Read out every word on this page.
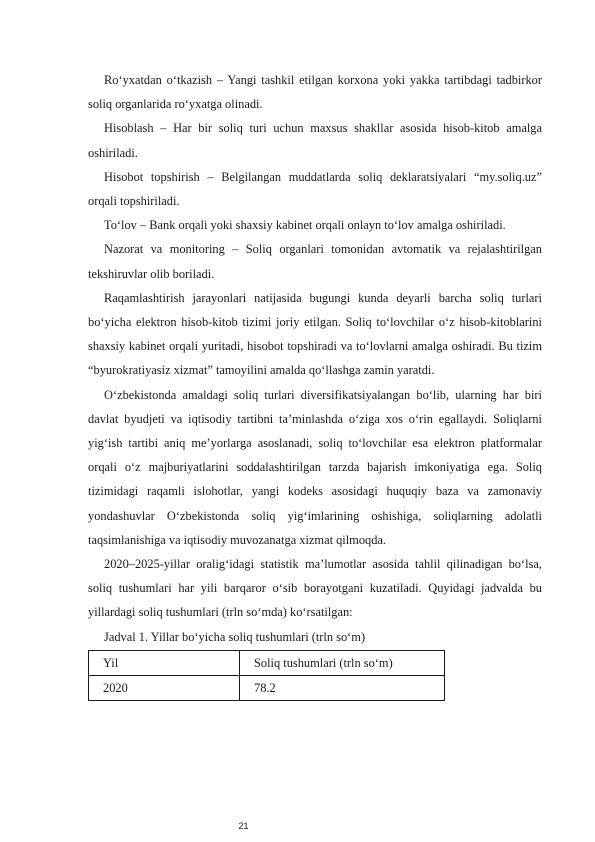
Ro‘yxatdan o‘tkazish – Yangi tashkil etilgan korxona yoki yakka tartibdagi tadbirkor soliq organlarida ro‘yxatga olinadi.

Hisoblash – Har bir soliq turi uchun maxsus shakllar asosida hisob-kitob amalga oshiriladi.

Hisobot topshirish – Belgilangan muddatlarda soliq deklaratsiyalari “my.soliq.uz” orqali topshiriladi.

To‘lov – Bank orqali yoki shaxsiy kabinet orqali onlayn to‘lov amalga oshiriladi.

Nazorat va monitoring – Soliq organlari tomonidan avtomatik va rejalashtirilgan tekshiruvlar olib boriladi.

Raqamlashtirish jarayonlari natijasida bugungi kunda deyarli barcha soliq turlari bo‘yicha elektron hisob-kitob tizimi joriy etilgan. Soliq to‘lovchilar o‘z hisob-kitoblarini shaxsiy kabinet orqali yuritadi, hisobot topshiradi va to‘lovlarni amalga oshiradi. Bu tizim “byurokratiyasiz xizmat” tamoyilini amalda qo‘llashga zamin yaratdi.

O‘zbekistonda amaldagi soliq turlari diversifikatsiyalangan bo‘lib, ularning har biri davlat byudjeti va iqtisodiy tartibni ta’minlashda o‘ziga xos o‘rin egallaydi. Soliqlarni yig‘ish tartibi aniq me’yorlarga asoslanadi, soliq to‘lovchilar esa elektron platformalar orqali o‘z majburiyatlarini soddalashtirilgan tarzda bajarish imkoniyatiga ega. Soliq tizimidagi raqamli islohotlar, yangi kodeks asosidagi huquqiy baza va zamonaviy yondashuvlar O‘zbekistonda soliq yig‘imlarining oshishiga, soliqlarning adolatli taqsimlanishiga va iqtisodiy muvozanatga xizmat qilmoqda.

2020–2025-yillar oralig‘idagi statistik ma’lumotlar asosida tahlil qilinadigan bo‘lsa, soliq tushumlari har yili barqaror o‘sib borayotgani kuzatiladi. Quyidagi jadvalda bu yillardagi soliq tushumlari (trln so‘mda) ko‘rsatilgan:

Jadval 1. Yillar bo‘yicha soliq tushumlari (trln so‘m)

Yil	Soliq tushumlari (trln so‘m)
2020	78.2
21
